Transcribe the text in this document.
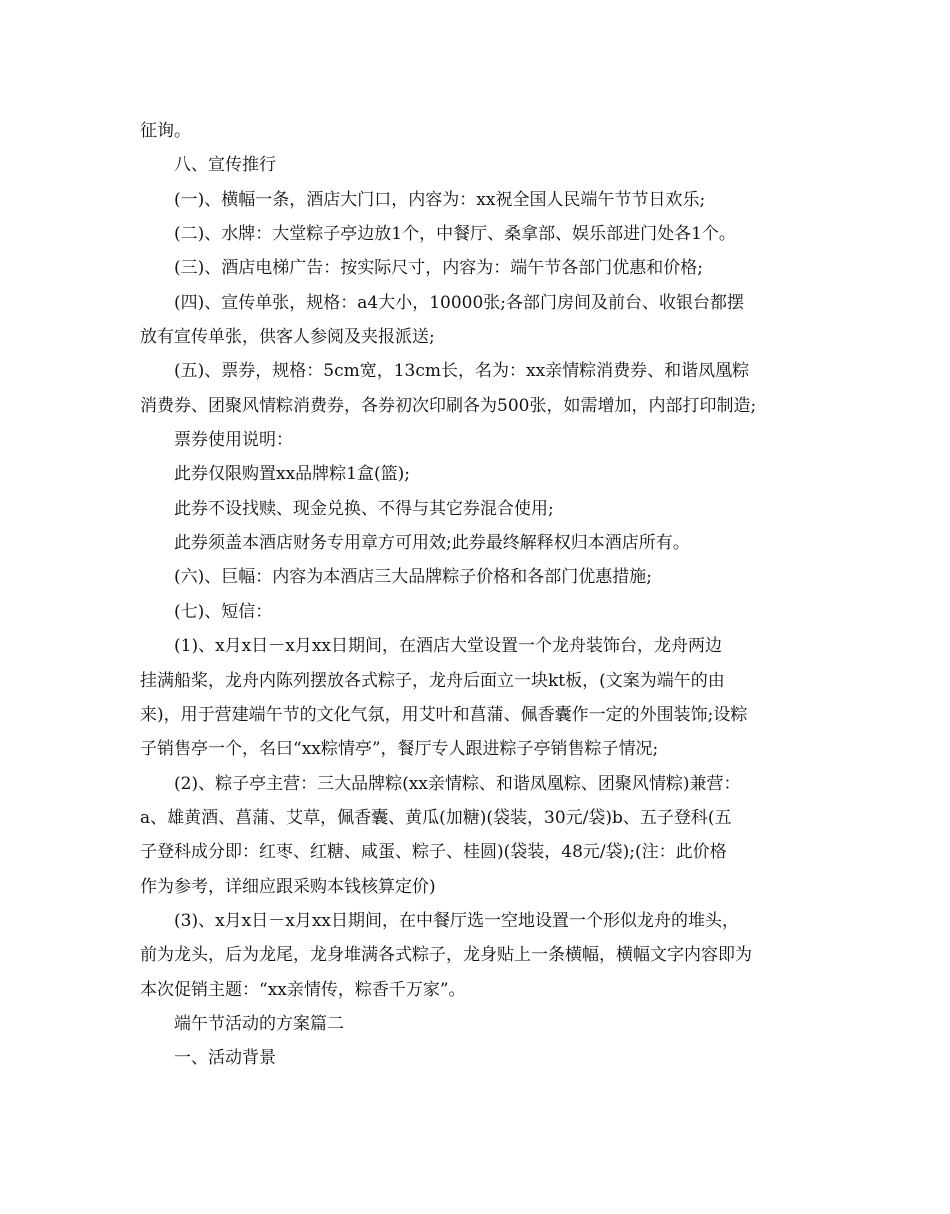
征询。

八、宣传推行

(一)、横幅一条，酒店大门口，内容为：xx祝全国人民端午节节日欢乐;

(二)、水牌：大堂粽子亭边放1个，中餐厅、桑拿部、娱乐部进门处各1个。

(三)、酒店电梯广告：按实际尺寸，内容为：端午节各部门优惠和价格;

(四)、宣传单张，规格：a4大小，10000张;各部门房间及前台、收银台都摆

放有宣传单张，供客人参阅及夹报派送;

(五)、票券，规格：5cm宽，13cm长，名为：xx亲情粽消费券、和谐凤凰粽

消费券、团聚风情粽消费券，各券初次印刷各为500张，如需增加，内部打印制造;

票券使用说明：

此券仅限购置xx品牌粽1盒(篮);

此券不设找赎、现金兑换、不得与其它券混合使用;

此券须盖本酒店财务专用章方可用效;此券最终解释权归本酒店所有。

(六)、巨幅：内容为本酒店三大品牌粽子价格和各部门优惠措施;

(七)、短信：

(1)、x月x日－x月xx日期间，在酒店大堂设置一个龙舟装饰台，龙舟两边

挂满船桨，龙舟内陈列摆放各式粽子，龙舟后面立一块kt板，(文案为端午的由

来)，用于营建端午节的文化气氛，用艾叶和菖蒲、佩香囊作一定的外围装饰;设粽

子销售亭一个，名曰“xx粽情亭”，餐厅专人跟进粽子亭销售粽子情况;

(2)、粽子亭主营：三大品牌粽(xx亲情粽、和谐凤凰粽、团聚风情粽)兼营：

a、雄黄酒、菖蒲、艾草，佩香囊、黄瓜(加糖)(袋装，30元/袋)b、五子登科(五

子登科成分即：红枣、红糖、咸蛋、粽子、桂圆)(袋装，48元/袋);(注：此价格

作为参考，详细应跟采购本钱核算定价)

(3)、x月x日－x月xx日期间，在中餐厅选一空地设置一个形似龙舟的堆头，

前为龙头，后为龙尾，龙身堆满各式粽子，龙身贴上一条横幅，横幅文字内容即为

本次促销主题：“xx亲情传，粽香千万家”。

端午节活动的方案篇二

一、活动背景
